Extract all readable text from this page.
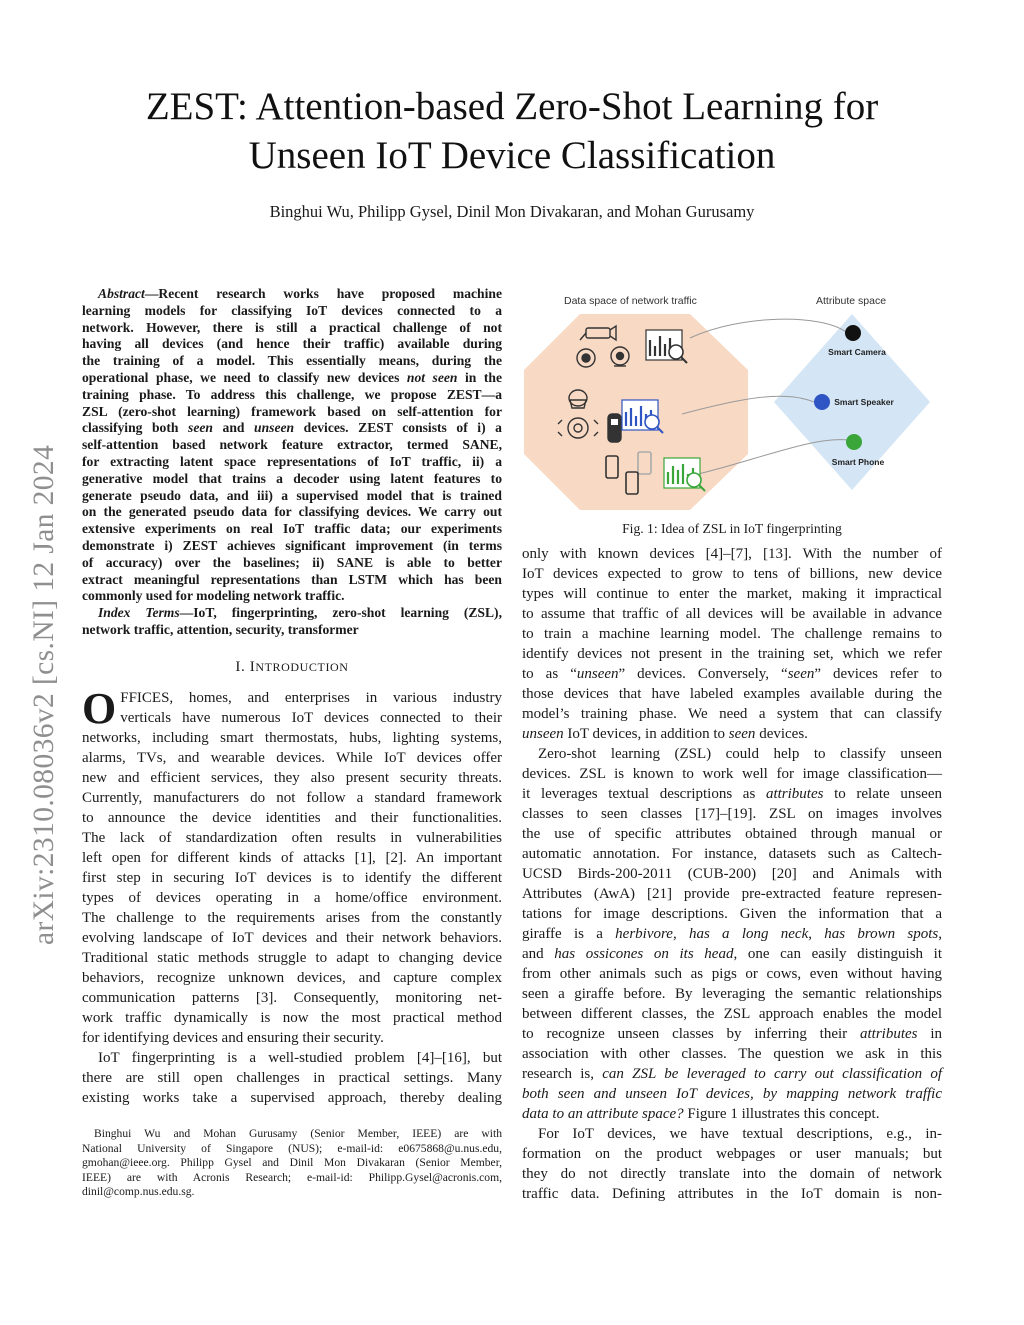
arXiv:2310.08036v2 [cs.NI] 12 Jan 2024
ZEST: Attention-based Zero-Shot Learning for
Unseen IoT Device Classification
Binghui Wu, Philipp Gysel, Dinil Mon Divakaran, and Mohan Gurusamy
Abstract—Recent research works have proposed machine
learning models for classifying IoT devices connected to a
network. However, there is still a practical challenge of not
having all devices (and hence their traffic) available during
the training of a model. This essentially means, during the
operational phase, we need to classify new devices not seen in the
training phase. To address this challenge, we propose ZEST—a
ZSL (zero-shot learning) framework based on self-attention for
classifying both seen and unseen devices. ZEST consists of i) a
self-attention based network feature extractor, termed SANE,
for extracting latent space representations of IoT traffic, ii) a
generative model that trains a decoder using latent features to
generate pseudo data, and iii) a supervised model that is trained
on the generated pseudo data for classifying devices. We carry out
extensive experiments on real IoT traffic data; our experiments
demonstrate i) ZEST achieves significant improvement (in terms
of accuracy) over the baselines; ii) SANE is able to better
extract meaningful representations than LSTM which has been
commonly used for modeling network traffic.
Index Terms—IoT, fingerprinting, zero-shot learning (ZSL),
network traffic, attention, security, transformer
I. INTRODUCTION
O FFICES, homes, and enterprises in various industry
verticals have numerous IoT devices connected to their
networks, including smart thermostats, hubs, lighting systems,
alarms, TVs, and wearable devices. While IoT devices offer
new and efficient services, they also present security threats.
Currently, manufacturers do not follow a standard framework
to announce the device identities and their functionalities.
The lack of standardization often results in vulnerabilities
left open for different kinds of attacks [1], [2]. An important
first step in securing IoT devices is to identify the different
types of devices operating in a home/office environment.
The challenge to the requirements arises from the constantly
evolving landscape of IoT devices and their network behaviors.
Traditional static methods struggle to adapt to changing device
behaviors, recognize unknown devices, and capture complex
communication patterns [3]. Consequently, monitoring net-
work traffic dynamically is now the most practical method
for identifying devices and ensuring their security.
IoT fingerprinting is a well-studied problem [4]–[16], but
there are still open challenges in practical settings. Many
existing works take a supervised approach, thereby dealing
Binghui Wu and Mohan Gurusamy (Senior Member, IEEE) are with
National University of Singapore (NUS); e-mail-id: e0675868@u.nus.edu,
gmohan@ieee.org. Philipp Gysel and Dinil Mon Divakaran (Senior Member,
IEEE) are with Acronis Research; e-mail-id: Philipp.Gysel@acronis.com,
dinil@comp.nus.edu.sg.
Data space of network traffic	Attribute space
Smart Camera
Smart Speaker
Smart Phone
Fig. 1: Idea of ZSL in IoT fingerprinting
only with known devices [4]–[7], [13]. With the number of
IoT devices expected to grow to tens of billions, new device
types will continue to enter the market, making it impractical
to assume that traffic of all devices will be available in advance
to train a machine learning model. The challenge remains to
identify devices not present in the training set, which we refer
to as “unseen” devices. Conversely, “seen” devices refer to
those devices that have labeled examples available during the
model’s training phase. We need a system that can classify
unseen IoT devices, in addition to seen devices.
Zero-shot learning (ZSL) could help to classify unseen
devices. ZSL is known to work well for image classification—
it leverages textual descriptions as attributes to relate unseen
classes to seen classes [17]–[19]. ZSL on images involves
the use of specific attributes obtained through manual or
automatic annotation. For instance, datasets such as Caltech-
UCSD Birds-200-2011 (CUB-200) [20] and Animals with
Attributes (AwA) [21] provide pre-extracted feature represen-
tations for image descriptions. Given the information that a
giraffe is a herbivore, has a long neck, has brown spots,
and has ossicones on its head, one can easily distinguish it
from other animals such as pigs or cows, even without having
seen a giraffe before. By leveraging the semantic relationships
between different classes, the ZSL approach enables the model
to recognize unseen classes by inferring their attributes in
association with other classes. The question we ask in this
research is, can ZSL be leveraged to carry out classification of
both seen and unseen IoT devices, by mapping network traffic
data to an attribute space? Figure 1 illustrates this concept.
For IoT devices, we have textual descriptions, e.g., in-
formation on the product webpages or user manuals; but
they do not directly translate into the domain of network
traffic data. Defining attributes in the IoT domain is non-
